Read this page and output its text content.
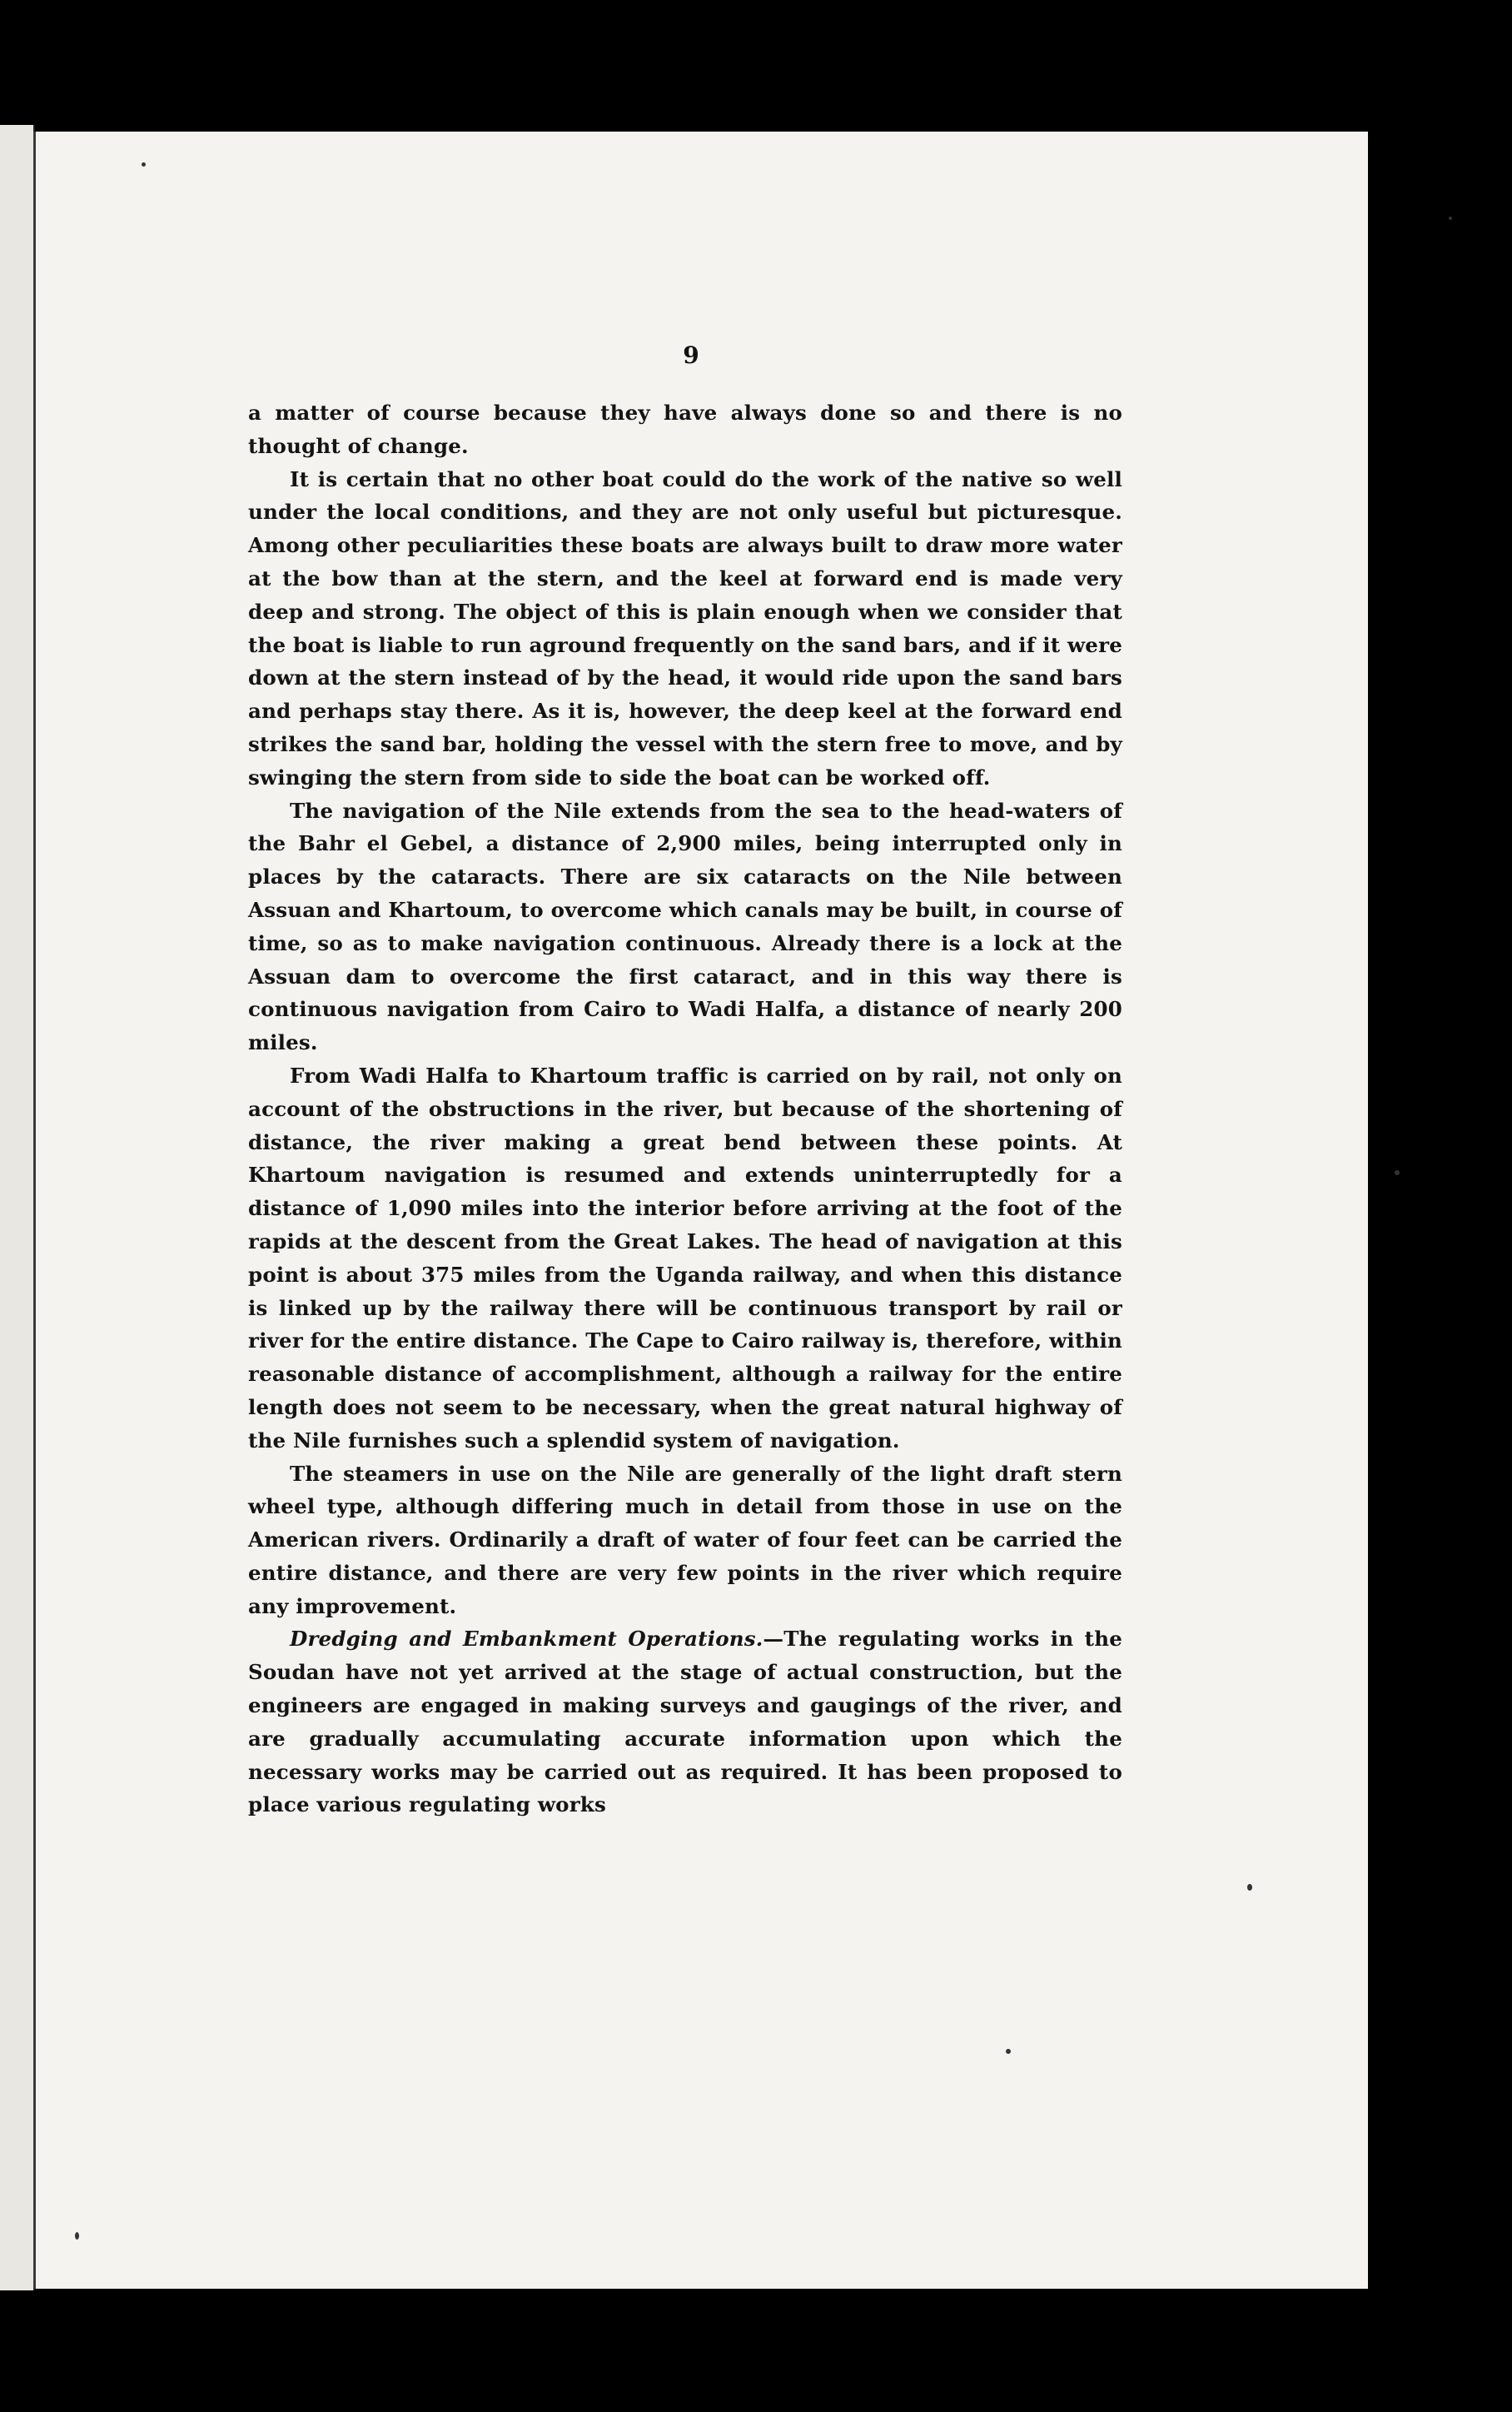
9

a matter of course because they have always done so and there is no thought of change.

It is certain that no other boat could do the work of the native so well under the local conditions, and they are not only useful but picturesque. Among other peculiarities these boats are always built to draw more water at the bow than at the stern, and the keel at forward end is made very deep and strong. The object of this is plain enough when we consider that the boat is liable to run aground frequently on the sand bars, and if it were down at the stern instead of by the head, it would ride upon the sand bars and perhaps stay there. As it is, however, the deep keel at the forward end strikes the sand bar, holding the vessel with the stern free to move, and by swinging the stern from side to side the boat can be worked off.

The navigation of the Nile extends from the sea to the head-waters of the Bahr el Gebel, a distance of 2,900 miles, being interrupted only in places by the cataracts. There are six cataracts on the Nile between Assuan and Khartoum, to overcome which canals may be built, in course of time, so as to make navigation continuous. Already there is a lock at the Assuan dam to overcome the first cataract, and in this way there is continuous navigation from Cairo to Wadi Halfa, a distance of nearly 200 miles.

From Wadi Halfa to Khartoum traffic is carried on by rail, not only on account of the obstructions in the river, but because of the shortening of distance, the river making a great bend between these points. At Khartoum navigation is resumed and extends uninterruptedly for a distance of 1,090 miles into the interior before arriving at the foot of the rapids at the descent from the Great Lakes. The head of navigation at this point is about 375 miles from the Uganda railway, and when this distance is linked up by the railway there will be continuous transport by rail or river for the entire distance. The Cape to Cairo railway is, therefore, within reasonable distance of accomplishment, although a railway for the entire length does not seem to be necessary, when the great natural highway of the Nile furnishes such a splendid system of navigation.

The steamers in use on the Nile are generally of the light draft stern wheel type, although differing much in detail from those in use on the American rivers. Ordinarily a draft of water of four feet can be carried the entire distance, and there are very few points in the river which require any improvement.

Dredging and Embankment Operations.—The regulating works in the Soudan have not yet arrived at the stage of actual construction, but the engineers are engaged in making surveys and gaugings of the river, and are gradually accumulating accurate information upon which the necessary works may be carried out as required. It has been proposed to place various regulating works
